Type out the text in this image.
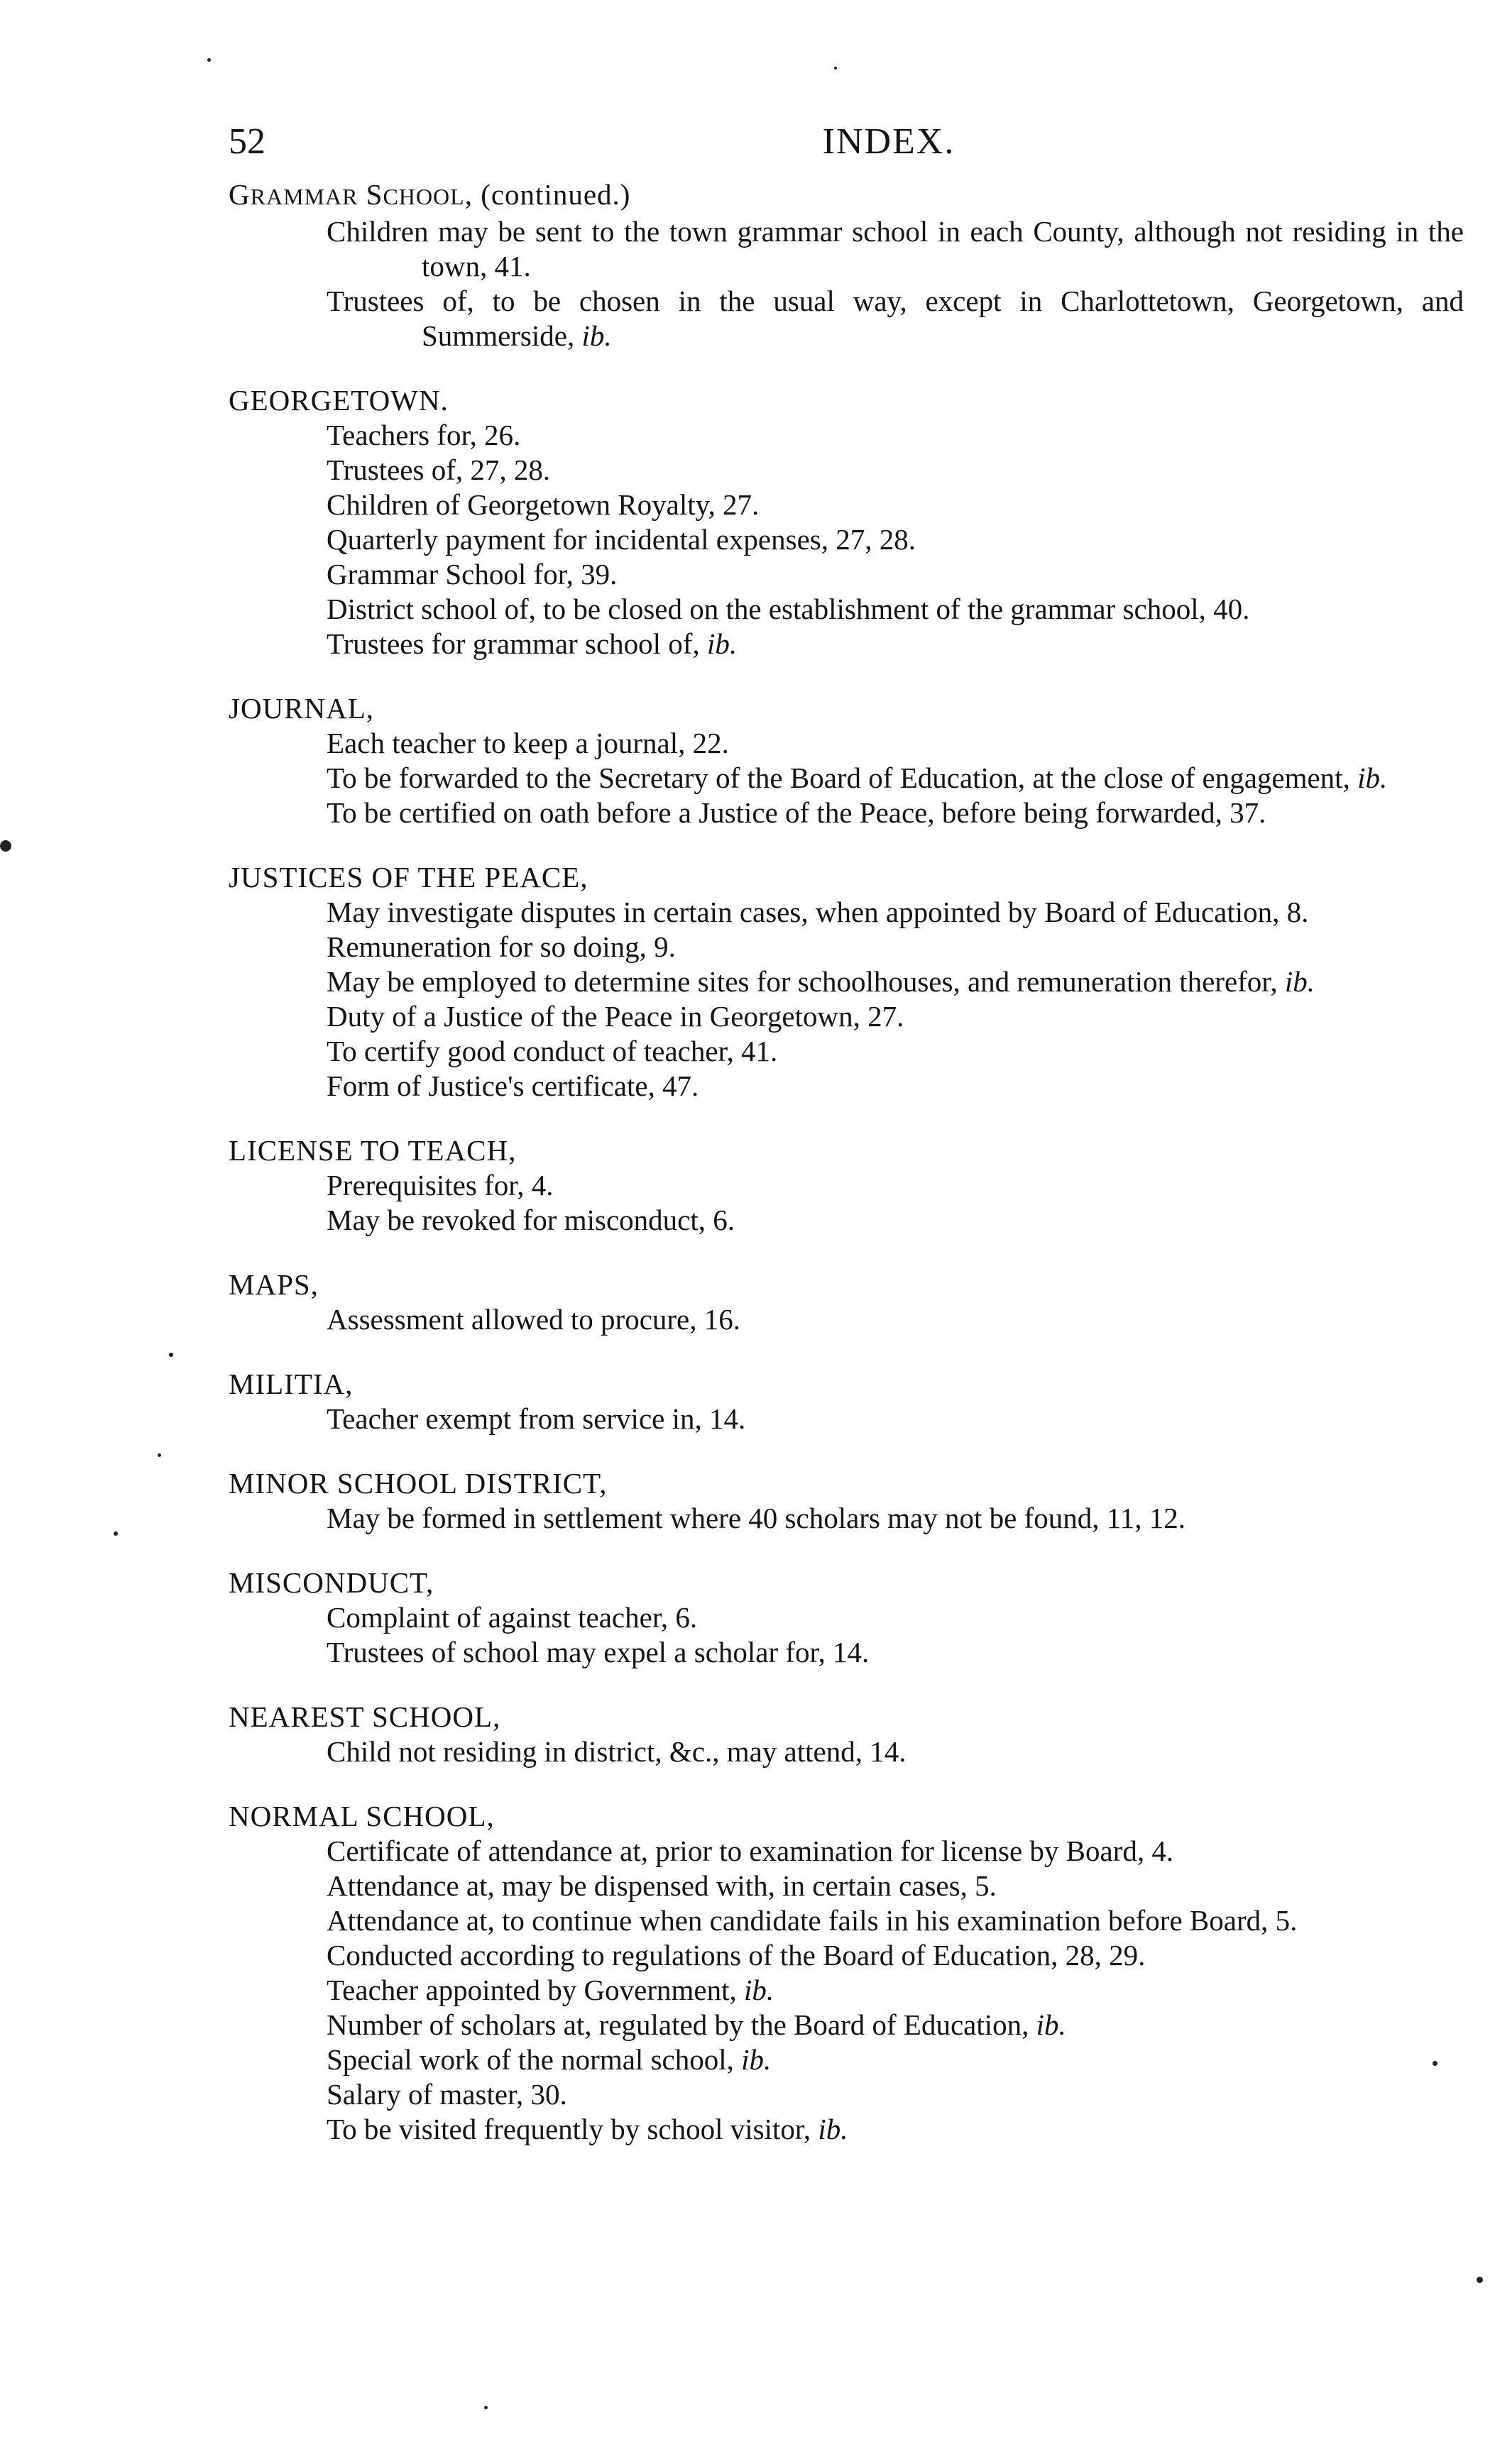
52	INDEX.
GRAMMAR SCHOOL, (continued.)
Children may be sent to the town grammar school in each County, although not residing in the town, 41.
Trustees of, to be chosen in the usual way, except in Charlottetown, Georgetown, and Summerside, ib.
GEORGETOWN.
Teachers for, 26.
Trustees of, 27, 28.
Children of Georgetown Royalty, 27.
Quarterly payment for incidental expenses, 27, 28.
Grammar School for, 39.
District school of, to be closed on the establishment of the grammar school, 40.
Trustees for grammar school of, ib.
JOURNAL,
Each teacher to keep a journal, 22.
To be forwarded to the Secretary of the Board of Education, at the close of engagement, ib.
To be certified on oath before a Justice of the Peace, before being forwarded, 37.
JUSTICES OF THE PEACE,
May investigate disputes in certain cases, when appointed by Board of Education, 8.
Remuneration for so doing, 9.
May be employed to determine sites for schoolhouses, and remuneration therefor, ib.
Duty of a Justice of the Peace in Georgetown, 27.
To certify good conduct of teacher, 41.
Form of Justice's certificate, 47.
LICENSE TO TEACH,
Prerequisites for, 4.
May be revoked for misconduct, 6.
MAPS,
Assessment allowed to procure, 16.
MILITIA,
Teacher exempt from service in, 14.
MINOR SCHOOL DISTRICT,
May be formed in settlement where 40 scholars may not be found, 11, 12.
MISCONDUCT,
Complaint of against teacher, 6.
Trustees of school may expel a scholar for, 14.
NEAREST SCHOOL,
Child not residing in district, &c., may attend, 14.
NORMAL SCHOOL,
Certificate of attendance at, prior to examination for license by Board, 4.
Attendance at, may be dispensed with, in certain cases, 5.
Attendance at, to continue when candidate fails in his examination before Board, 5.
Conducted according to regulations of the Board of Education, 28, 29.
Teacher appointed by Government, ib.
Number of scholars at, regulated by the Board of Education, ib.
Special work of the normal school, ib.
Salary of master, 30.
To be visited frequently by school visitor, ib.
